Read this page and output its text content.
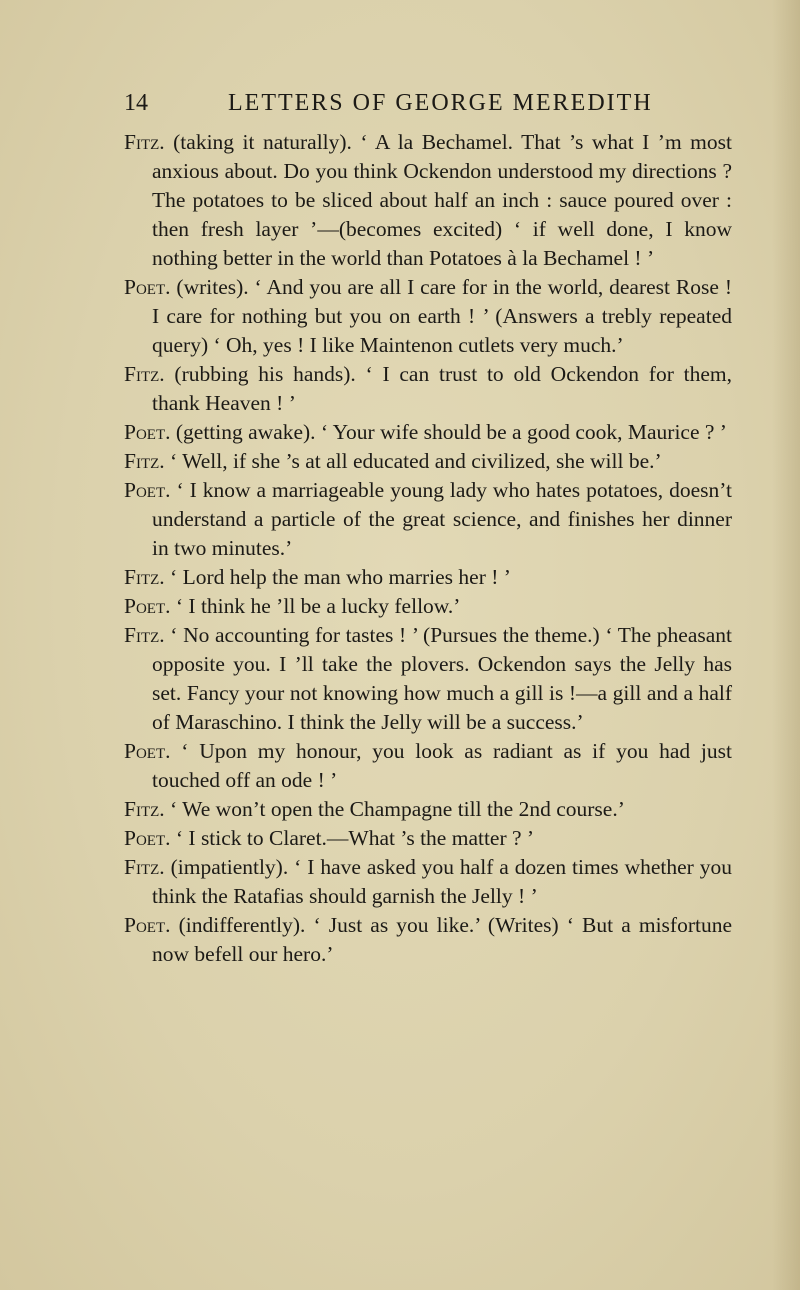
14	LETTERS OF GEORGE MEREDITH

Fitz. (taking it naturally). ‘ A la Bechamel. That ’s what I ’m most anxious about. Do you think Ockendon understood my directions ? The potatoes to be sliced about half an inch : sauce poured over : then fresh layer ’—(becomes excited) ‘ if well done, I know nothing better in the world than Potatoes à la Bechamel ! ’

Poet. (writes). ‘ And you are all I care for in the world, dearest Rose ! I care for nothing but you on earth ! ’ (Answers a trebly repeated query) ‘ Oh, yes ! I like Maintenon cutlets very much.’

Fitz. (rubbing his hands). ‘ I can trust to old Ockendon for them, thank Heaven ! ’

Poet. (getting awake). ‘ Your wife should be a good cook, Maurice ? ’

Fitz. ‘ Well, if she ’s at all educated and civilized, she will be.’

Poet. ‘ I know a marriageable young lady who hates potatoes, doesn’t understand a particle of the great science, and finishes her dinner in two minutes.’

Fitz. ‘ Lord help the man who marries her ! ’

Poet. ‘ I think he ’ll be a lucky fellow.’

Fitz. ‘ No accounting for tastes ! ’ (Pursues the theme.) ‘ The pheasant opposite you. I ’ll take the plovers. Ockendon says the Jelly has set. Fancy your not knowing how much a gill is !—a gill and a half of Maraschino. I think the Jelly will be a success.’

Poet. ‘ Upon my honour, you look as radiant as if you had just touched off an ode ! ’

Fitz. ‘ We won’t open the Champagne till the 2nd course.’

Poet. ‘ I stick to Claret.—What ’s the matter ? ’

Fitz. (impatiently). ‘ I have asked you half a dozen times whether you think the Ratafias should garnish the Jelly ! ’

Poet. (indifferently). ‘ Just as you like.’ (Writes) ‘ But a misfortune now befell our hero.’
